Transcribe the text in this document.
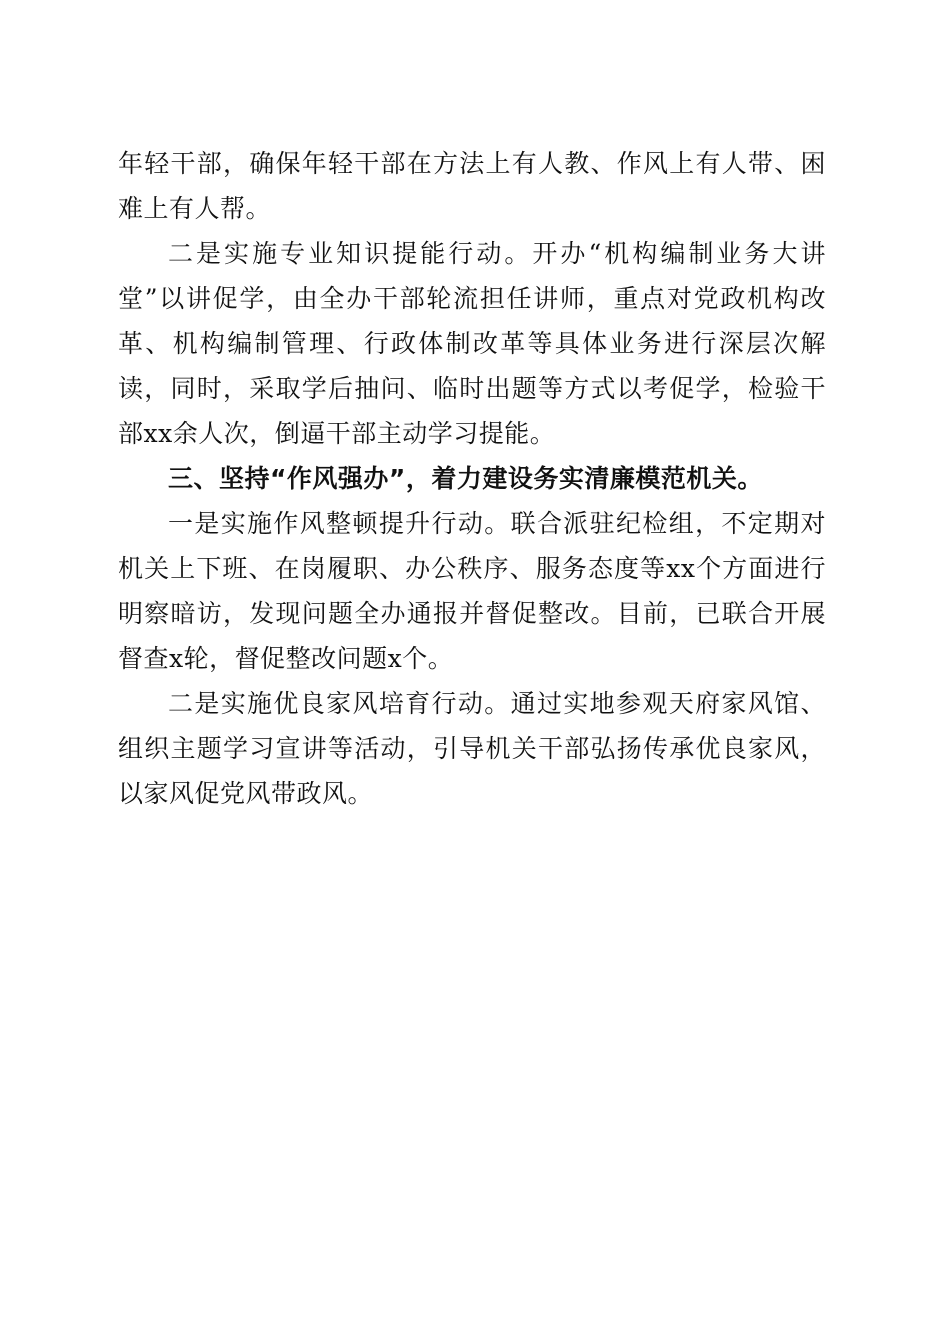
年轻干部，确保年轻干部在方法上有人教、作风上有人带、困难上有人帮。

二是实施专业知识提能行动。开办“机构编制业务大讲堂”以讲促学，由全办干部轮流担任讲师，重点对党政机构改革、机构编制管理、行政体制改革等具体业务进行深层次解读，同时，采取学后抽问、临时出题等方式以考促学，检验干部xx余人次，倒逼干部主动学习提能。

三、坚持“作风强办”，着力建设务实清廉模范机关。

一是实施作风整顿提升行动。联合派驻纪检组，不定期对机关上下班、在岗履职、办公秩序、服务态度等xx个方面进行明察暗访，发现问题全办通报并督促整改。目前，已联合开展督查x轮，督促整改问题x个。

二是实施优良家风培育行动。通过实地参观天府家风馆、组织主题学习宣讲等活动，引导机关干部弘扬传承优良家风，以家风促党风带政风。
